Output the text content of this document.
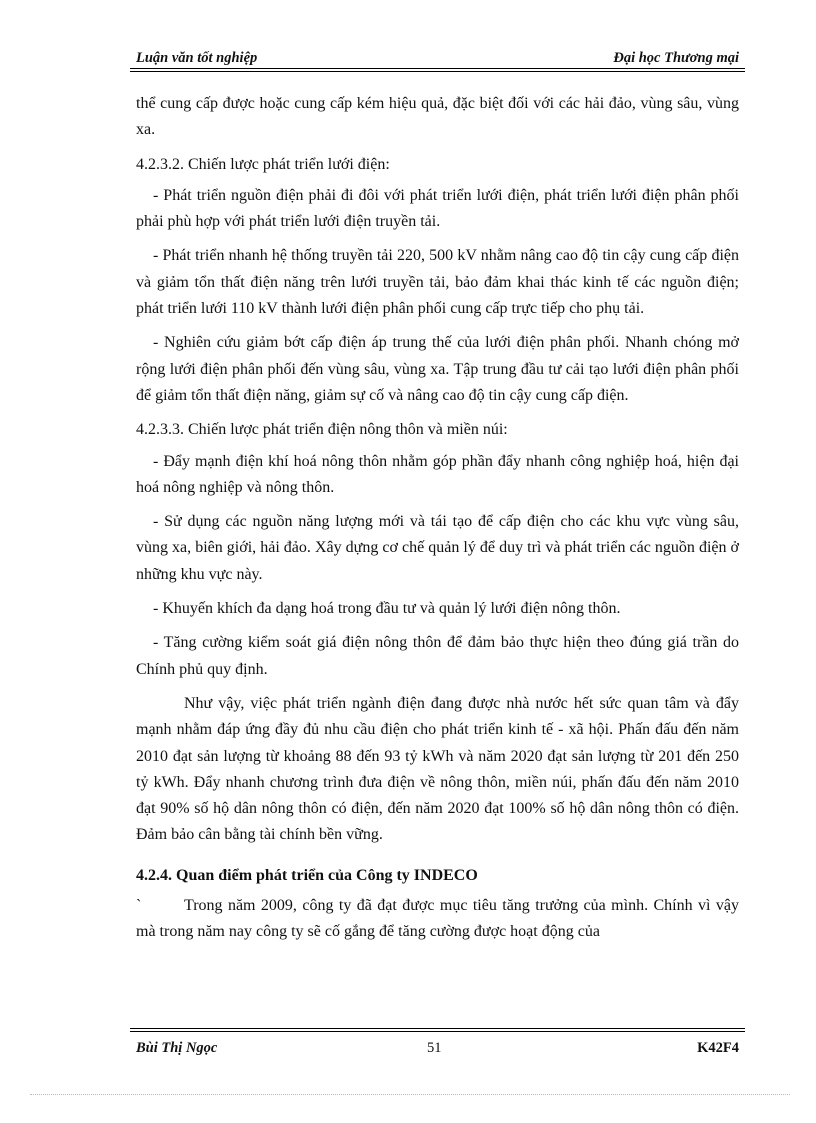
Luận văn tốt nghiệp	Đại học Thương mại

thể cung cấp được hoặc cung cấp kém hiệu quả, đặc biệt đối với các hải đảo, vùng sâu, vùng xa.

4.2.3.2. Chiến lược phát triển lưới điện:

- Phát triển nguồn điện phải đi đôi với phát triển lưới điện, phát triển lưới điện phân phối phải phù hợp với phát triển lưới điện truyền tải.

- Phát triển nhanh hệ thống truyền tải 220, 500 kV nhằm nâng cao độ tin cậy cung cấp điện và giảm tổn thất điện năng trên lưới truyền tải, bảo đảm khai thác kinh tế các nguồn điện; phát triển lưới 110 kV thành lưới điện phân phối cung cấp trực tiếp cho phụ tải.

- Nghiên cứu giảm bớt cấp điện áp trung thế của lưới điện phân phối. Nhanh chóng mở rộng lưới điện phân phối đến vùng sâu, vùng xa. Tập trung đầu tư cải tạo lưới điện phân phối để giảm tổn thất điện năng, giảm sự cố và nâng cao độ tin cậy cung cấp điện.

4.2.3.3. Chiến lược phát triển điện nông thôn và miền núi:

- Đẩy mạnh điện khí hoá nông thôn nhằm góp phần đẩy nhanh công nghiệp hoá, hiện đại hoá nông nghiệp và nông thôn.

- Sử dụng các nguồn năng lượng mới và tái tạo để cấp điện cho các khu vực vùng sâu, vùng xa, biên giới, hải đảo. Xây dựng cơ chế quản lý để duy trì và phát triển các nguồn điện ở những khu vực này.

- Khuyến khích đa dạng hoá trong đầu tư và quản lý lưới điện nông thôn.

- Tăng cường kiểm soát giá điện nông thôn để đảm bảo thực hiện theo đúng giá trần do Chính phủ quy định.

Như vậy, việc phát triển ngành điện đang được nhà nước hết sức quan tâm và đẩy mạnh nhằm đáp ứng đầy đủ nhu cầu điện cho phát triển kinh tế - xã hội. Phấn đấu đến năm 2010 đạt sản lượng từ khoảng 88 đến 93 tỷ kWh và năm 2020 đạt sản lượng từ 201 đến 250 tỷ kWh. Đẩy nhanh chương trình đưa điện về nông thôn, miền núi, phấn đấu đến năm 2010 đạt 90% số hộ dân nông thôn có điện, đến năm 2020 đạt 100% số hộ dân nông thôn có điện. Đảm bảo cân bằng tài chính bền vững.

4.2.4. Quan điểm phát triển của Công ty INDECO

`	Trong năm 2009, công ty đã đạt được mục tiêu tăng trưởng của mình. Chính vì vậy mà trong năm nay công ty sẽ cố gắng để tăng cường được hoạt động của

Bùi Thị Ngọc	51	K42F4
